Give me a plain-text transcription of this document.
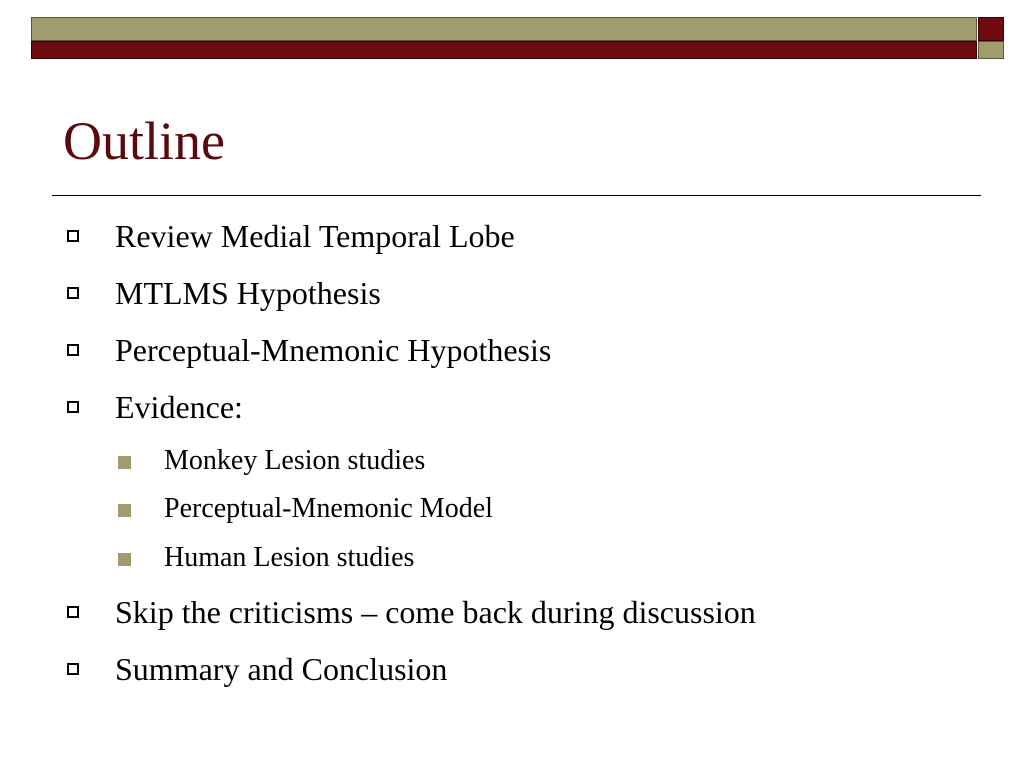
Outline
Review Medial Temporal Lobe
MTLMS Hypothesis
Perceptual-Mnemonic Hypothesis
Evidence:
Monkey Lesion studies
Perceptual-Mnemonic Model
Human Lesion studies
Skip the criticisms – come back during discussion
Summary and Conclusion
